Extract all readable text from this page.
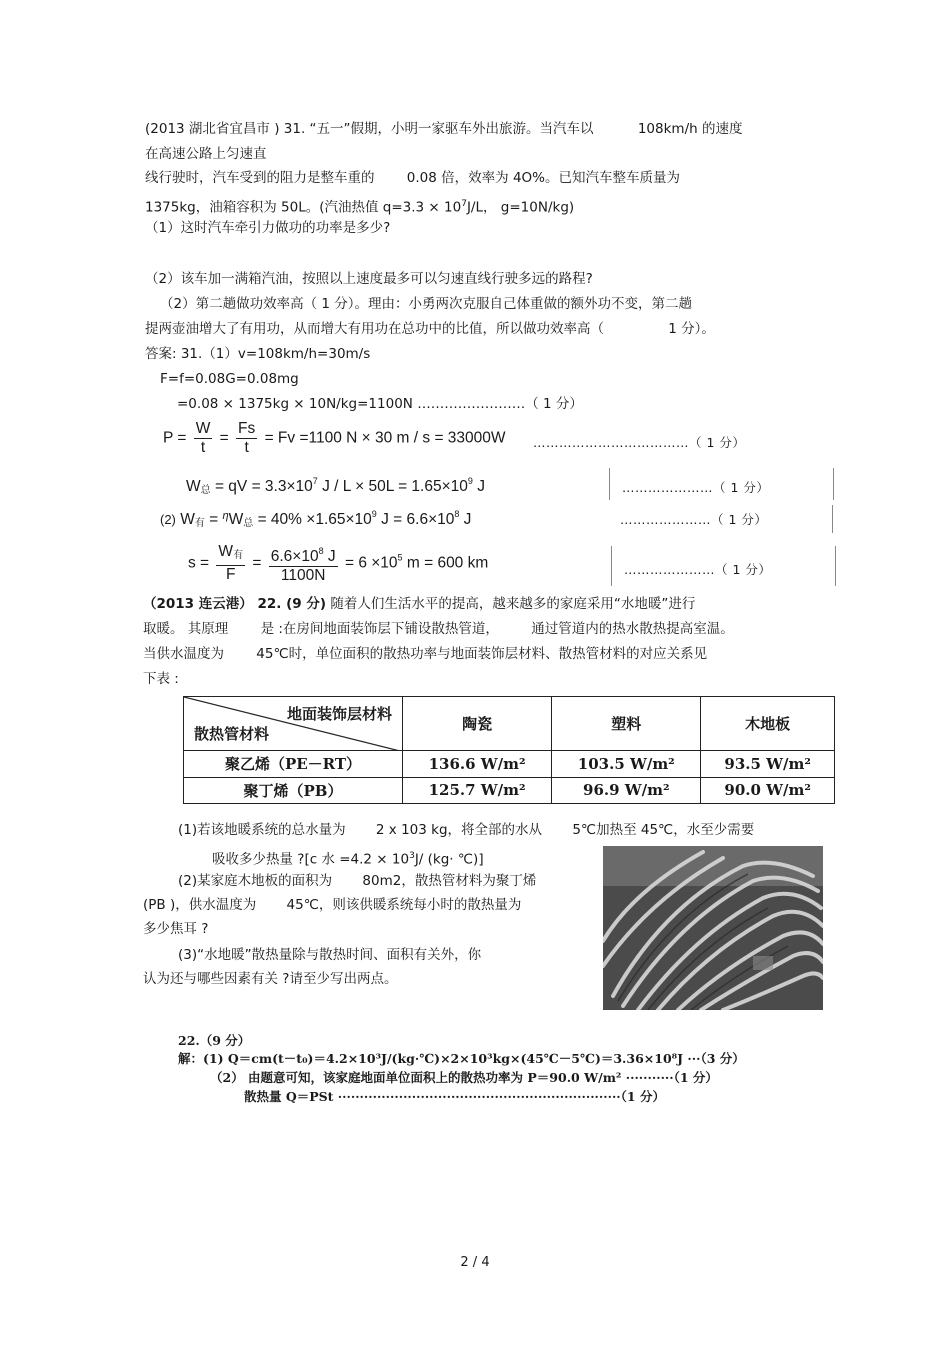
(2013 湖北省宜昌市 ) 31. “五一”假期，小明一家驱车外出旅游。当汽车以	108km/h 的速度
在高速公路上匀速直
线行驶时，汽车受到的阻力是整车重的 0.08 倍，效率为 4O%。已知汽车整车质量为
1375kg，油箱容积为 50L。(汽油热值 $q=3.3 \times 10^7J/L$， g=10N/kg)
（1）这时汽车牵引力做功的功率是多少?
（2）该车加一满箱汽油，按照以上速度最多可以匀速直线行驶多远的路程?
（2）第二趟做功效率高（ 1 分）。理由：小勇两次克服自己体重做的额外功不变，第二趟
提两壶油增大了有用功，从而增大有用功在总功中的比值，所以做功效率高（	1 分）。
答案: 31.（1）v=108km/h=30m/s
F=f=0.08G=0.08mg
=0.08 × 1375kg × 10N/kg=1100N ……………………（ 1 分）
$P = \frac{W}{t} = \frac{Fs}{t} = Fv =1100$ N × 30 m / s = 33000W ………………………………（ 1 分）
$W_总$ = qV = $3.3\times 10^7$ $J / L \times 50L = 1.65\times 10^9$ J	…………………（ 1 分）
(2) $W_有 = ^\eta W_总 = 40\% \times 1.65\times 10^9$ $J = 6.6\times 10^8$ J	…………………（ 1 分）
$s = \frac{W_有}{F} = \frac{6.6\times 10^8 J}{1100N} = 6 \times 10^5$ m = 600 km	…………………（ 1 分）
（2013 连云港） 22. (9 分) 随着人们生活水平的提高，越来越多的家庭采用“水地暖”进行
取暖。 其原理 是 :在房间地面装饰层下铺设散热管道， 通过管道内的热水散热提高室温。
当供水温度为 45℃时，单位面积的散热功率与地面装饰层材料、散热管材料的对应关系见
下表 :
地面装饰层材料
散热管材料	陶瓷	塑料	木地板
聚乙烯（PE－RT）	136.6 W/m²	103.5 W/m²	93.5 W/m²
聚丁烯（PB）	125.7 W/m²	96.9 W/m²	90.0 W/m²
(1)若该地暖系统的总水量为 2 x 103 kg，将全部的水从 5℃加热至 45℃，水至少需要
吸收多少热量 ?[c 水 $=4.2 \times 10^3J/$ (kg· ℃)]
(2)某家庭木地板的面积为 80m2，散热管材料为聚丁烯
(PB )，供水温度为 45℃，则该供暖系统每小时的散热量为
多少焦耳 ?
(3)“水地暖”散热量除与散热时间、面积有关外，你
认为还与哪些因素有关 ?请至少写出两点。
22.（9 分）
解：(1) Q＝cm(t－t₀)＝4.2×10³J/(kg·℃)×2×10³kg×(45℃－5℃)＝3.36×10⁸J ···（3 分）
（2） 由题意可知，该家庭地面单位面积上的散热功率为 P＝90.0 W/m² ···········（1 分）
散热量 Q＝PSt ·································································（1 分）
2 / 4
